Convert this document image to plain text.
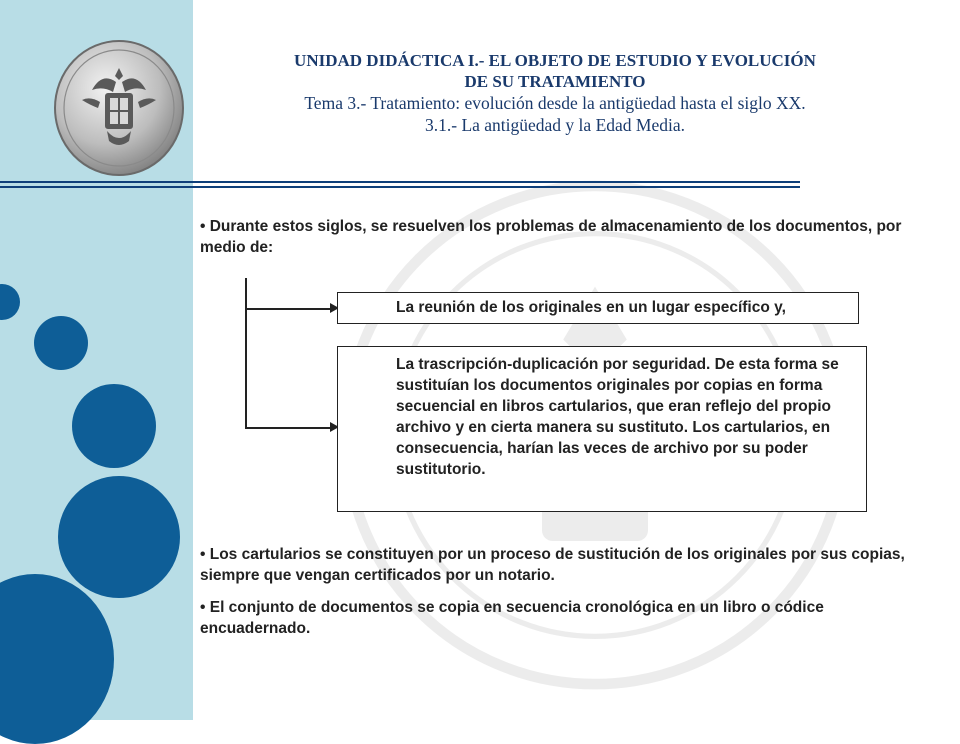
UNIDAD DIDÁCTICA I.- EL OBJETO DE ESTUDIO Y EVOLUCIÓN
DE SU TRATAMIENTO
Tema 3.- Tratamiento: evolución desde la antigüedad hasta el siglo XX.
3.1.- La antigüedad y la Edad Media.
• Durante estos siglos, se resuelven los problemas de almacenamiento de los documentos, por medio de:
La reunión de los originales en un lugar específico y,
La trascripción-duplicación por seguridad. De esta forma se sustituían los documentos originales por copias en forma secuencial en libros cartularios, que eran reflejo del propio archivo y en cierta manera su sustituto. Los cartularios, en consecuencia, harían las veces de archivo por su poder sustitutorio.
• Los cartularios se constituyen por un proceso de sustitución de los originales por sus copias, siempre que vengan certificados por un notario.
• El conjunto de documentos se copia en secuencia cronológica en un libro o códice encuadernado.
